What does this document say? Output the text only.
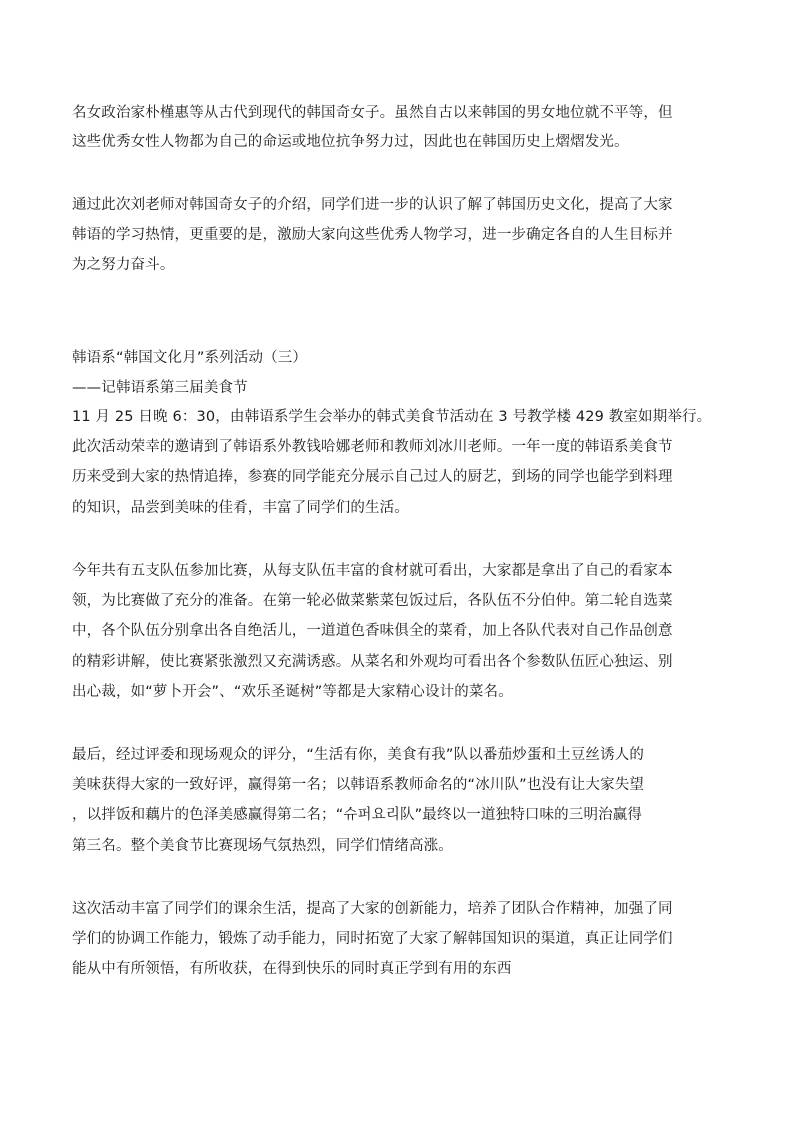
名女政治家朴槿惠等从古代到现代的韩国奇女子。虽然自古以来韩国的男女地位就不平等，但

这些优秀女性人物都为自己的命运或地位抗争努力过，因此也在韩国历史上熠熠发光。

通过此次刘老师对韩国奇女子的介绍，同学们进一步的认识了解了韩国历史文化，提高了大家

韩语的学习热情，更重要的是，激励大家向这些优秀人物学习，进一步确定各自的人生目标并

为之努力奋斗。

韩语系“韩国文化月”系列活动（三）

——记韩语系第三届美食节

11 月 25 日晚 6：30，由韩语系学生会举办的韩式美食节活动在 3 号教学楼 429 教室如期举行。

此次活动荣幸的邀请到了韩语系外教钱哈娜老师和教师刘冰川老师。一年一度的韩语系美食节

历来受到大家的热情追捧，参赛的同学能充分展示自己过人的厨艺，到场的同学也能学到料理

的知识，品尝到美味的佳肴，丰富了同学们的生活。

今年共有五支队伍参加比赛，从每支队伍丰富的食材就可看出，大家都是拿出了自己的看家本

领，为比赛做了充分的准备。在第一轮必做菜紫菜包饭过后，各队伍不分伯仲。第二轮自选菜

中，各个队伍分别拿出各自绝活儿，一道道色香味俱全的菜肴，加上各队代表对自己作品创意

的精彩讲解，使比赛紧张激烈又充满诱惑。从菜名和外观均可看出各个参数队伍匠心独运、别

出心裁，如“萝卜开会”、“欢乐圣诞树”等都是大家精心设计的菜名。

最后，经过评委和现场观众的评分，“生活有你，美食有我”队以番茄炒蛋和土豆丝诱人的

美味获得大家的一致好评，赢得第一名；以韩语系教师命名的“冰川队”也没有让大家失望

，以拌饭和藕片的色泽美感赢得第二名；“슈퍼요리队”最终以一道独特口味的三明治赢得

第三名。整个美食节比赛现场气氛热烈，同学们情绪高涨。

这次活动丰富了同学们的课余生活，提高了大家的创新能力，培养了团队合作精神，加强了同

学们的协调工作能力，锻炼了动手能力，同时拓宽了大家了解韩国知识的渠道，真正让同学们

能从中有所领悟，有所收获，在得到快乐的同时真正学到有用的东西
